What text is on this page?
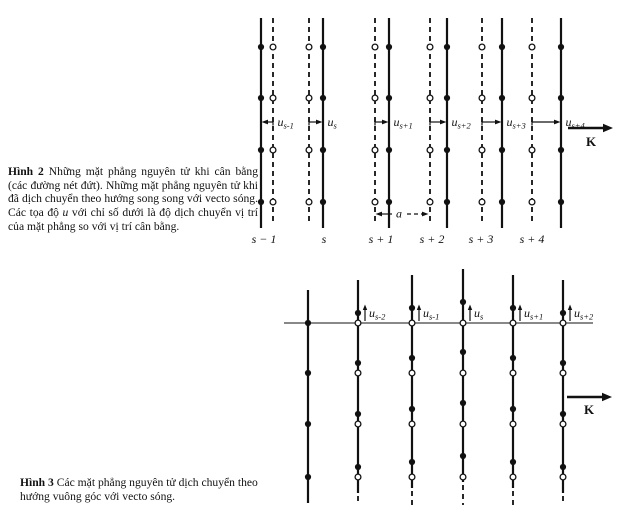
$u_{s-1}$
s − 1
$u_s$
s
$u_{s+1}$
s + 1
$u_{s+2}$
s + 2
$u_{s+3}$
s + 3
$u_{s+4}$
s + 4
a
K
$u_{s-2}$	$u_{s-1}$	$u_s$	$u_{s+1}$	$u_{s+2}$
K
Hình 2 Những mặt phẳng nguyên tử khi cân bằng (các đường nét đứt). Những mặt phẳng nguyên tử khi đã dịch chuyển theo hướng song song với vecto sóng. Các tọa độ u với chỉ số dưới là độ dịch chuyển vị trí của mặt phẳng so với vị trí cân bằng.
Hình 3 Các mặt phẳng nguyên tử dịch chuyển theo hướng vuông góc với vecto sóng.
